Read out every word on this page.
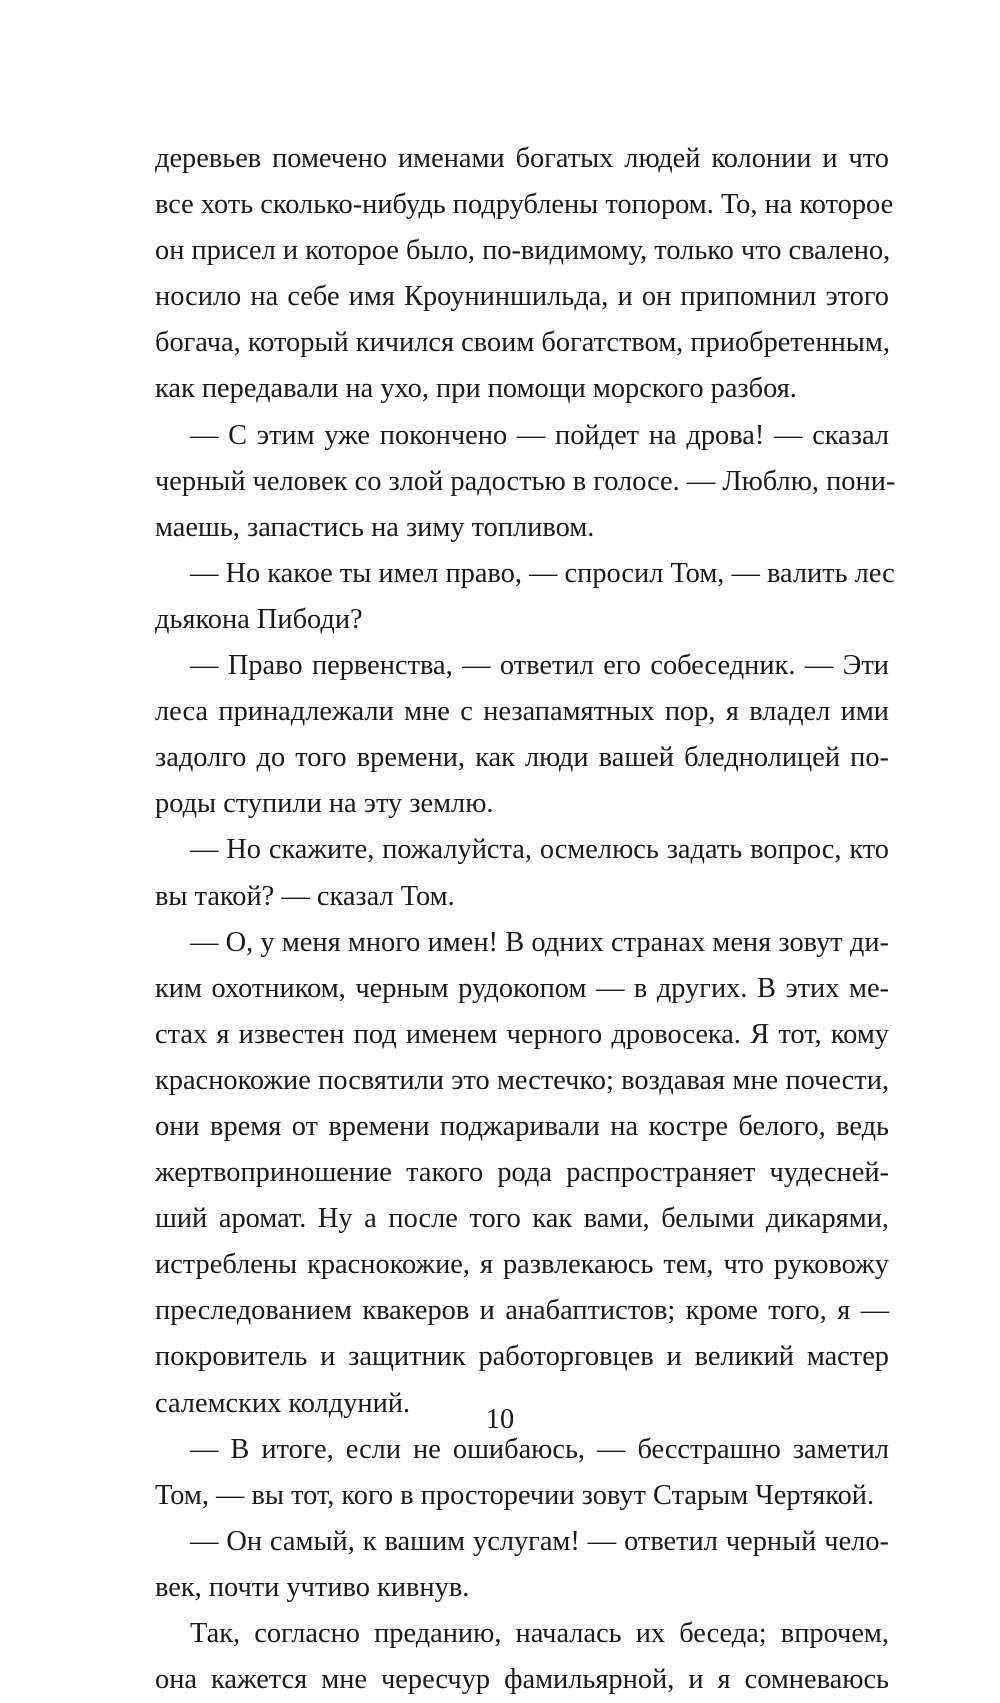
деревьев помечено именами богатых людей колонии и что
все хоть сколько-нибудь подрублены топором. То, на которое
он присел и которое было, по-видимому, только что свалено,
носило на себе имя Кроуниншильда, и он припомнил этого
богача, который кичился своим богатством, приобретенным,
как передавали на ухо, при помощи морского разбоя.
— С этим уже покончено — пойдет на дрова! — сказал
черный человек со злой радостью в голосе. — Люблю, пони-
маешь, запастись на зиму топливом.
— Но какое ты имел право, — спросил Том, — валить лес
дьякона Пибоди?
— Право первенства, — ответил его собеседник. — Эти
леса принадлежали мне с незапамятных пор, я владел ими
задолго до того времени, как люди вашей бледнолицей по-
роды ступили на эту землю.
— Но скажите, пожалуйста, осмелюсь задать вопрос, кто
вы такой? — сказал Том.
— О, у меня много имен! В одних странах меня зовут ди-
ким охотником, черным рудокопом — в других. В этих ме-
стах я известен под именем черного дровосека. Я тот, кому
краснокожие посвятили это местечко; воздавая мне почести,
они время от времени поджаривали на костре белого, ведь
жертвоприношение такого рода распространяет чудесней-
ший аромат. Ну а после того как вами, белыми дикарями,
истреблены краснокожие, я развлекаюсь тем, что руковожу
преследованием квакеров и анабаптистов; кроме того, я —
покровитель и защитник работорговцев и великий мастер
салемских колдуний.
— В итоге, если не ошибаюсь, — бесстрашно заметил
Том, — вы тот, кого в просторечии зовут Старым Чертякой.
— Он самый, к вашим услугам! — ответил черный чело-
век, почти учтиво кивнув.
Так, согласно преданию, началась их беседа; впрочем,
она кажется мне чересчур фамильярной, и я сомневаюсь
10
